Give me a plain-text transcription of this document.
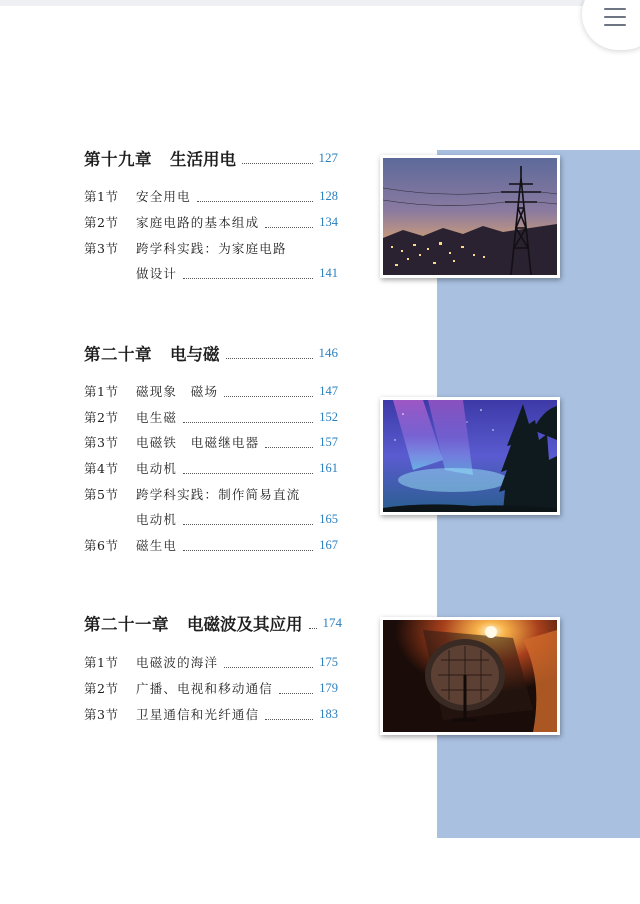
第十九章 生活用电	127
第1节	安全用电	128
第2节	家庭电路的基本组成	134
第3节	跨学科实践：为家庭电路
做设计	141
第二十章 电与磁	146
第1节	磁现象　磁场	147
第2节	电生磁	152
第3节	电磁铁　电磁继电器	157
第4节	电动机	161
第5节	跨学科实践：制作简易直流
电动机	165
第6节	磁生电	167
第二十一章 电磁波及其应用 174
第1节	电磁波的海洋	175
第2节	广播、电视和移动通信	179
第3节	卫星通信和光纤通信	183
